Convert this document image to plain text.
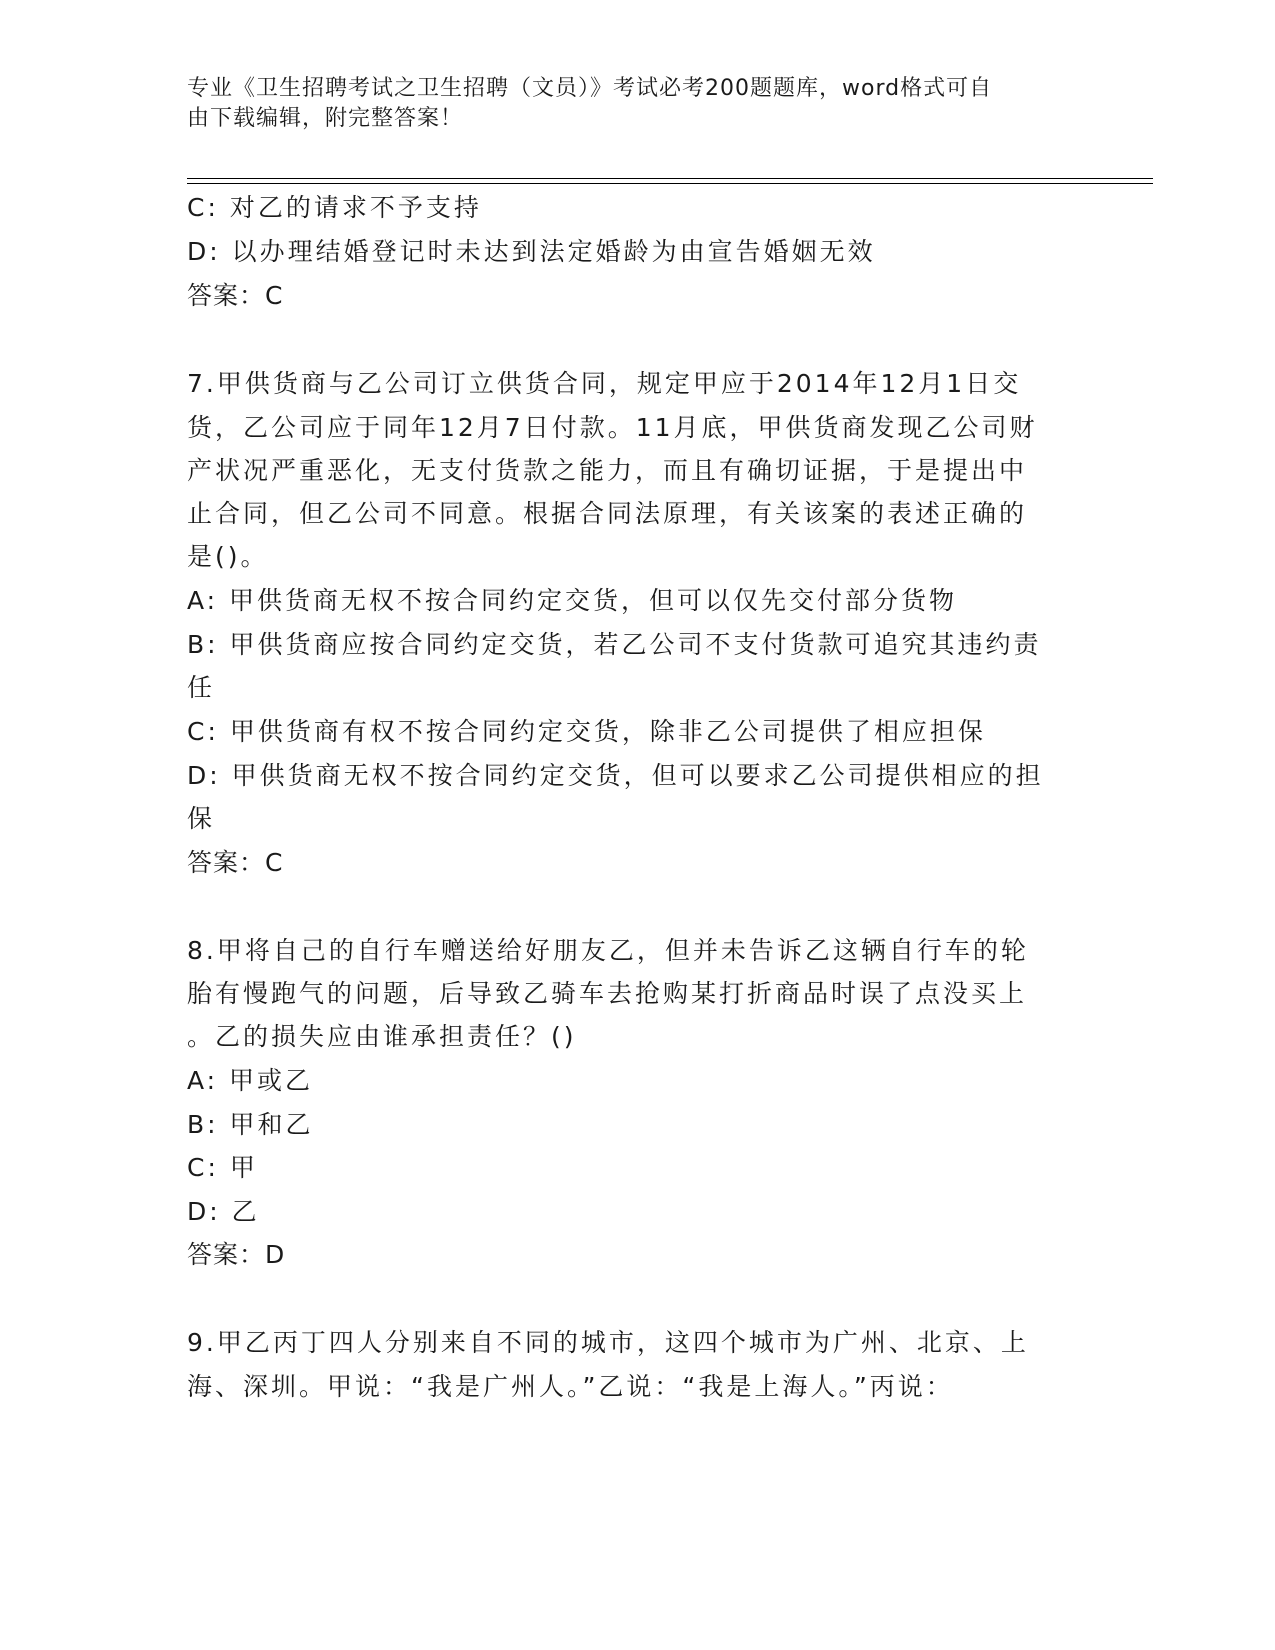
专业《卫生招聘考试之卫生招聘（文员）》考试必考200题题库，word格式可自
由下载编辑，附完整答案！
C: 对乙的请求不予支持
D: 以办理结婚登记时未达到法定婚龄为由宣告婚姻无效
答案：C
7.甲供货商与乙公司订立供货合同，规定甲应于2014年12月1日交
货，乙公司应于同年12月7日付款。11月底，甲供货商发现乙公司财
产状况严重恶化，无支付货款之能力，而且有确切证据，于是提出中
止合同，但乙公司不同意。根据合同法原理，有关该案的表述正确的
是()。
A: 甲供货商无权不按合同约定交货，但可以仅先交付部分货物
B: 甲供货商应按合同约定交货，若乙公司不支付货款可追究其违约责
任
C: 甲供货商有权不按合同约定交货，除非乙公司提供了相应担保
D: 甲供货商无权不按合同约定交货，但可以要求乙公司提供相应的担
保
答案：C
8.甲将自己的自行车赠送给好朋友乙，但并未告诉乙这辆自行车的轮
胎有慢跑气的问题，后导致乙骑车去抢购某打折商品时误了点没买上
。乙的损失应由谁承担责任？()
A: 甲或乙
B: 甲和乙
C: 甲
D: 乙
答案：D
9.甲乙丙丁四人分别来自不同的城市，这四个城市为广州、北京、上
海、深圳。甲说：“我是广州人。”乙说：“我是上海人。”丙说：
